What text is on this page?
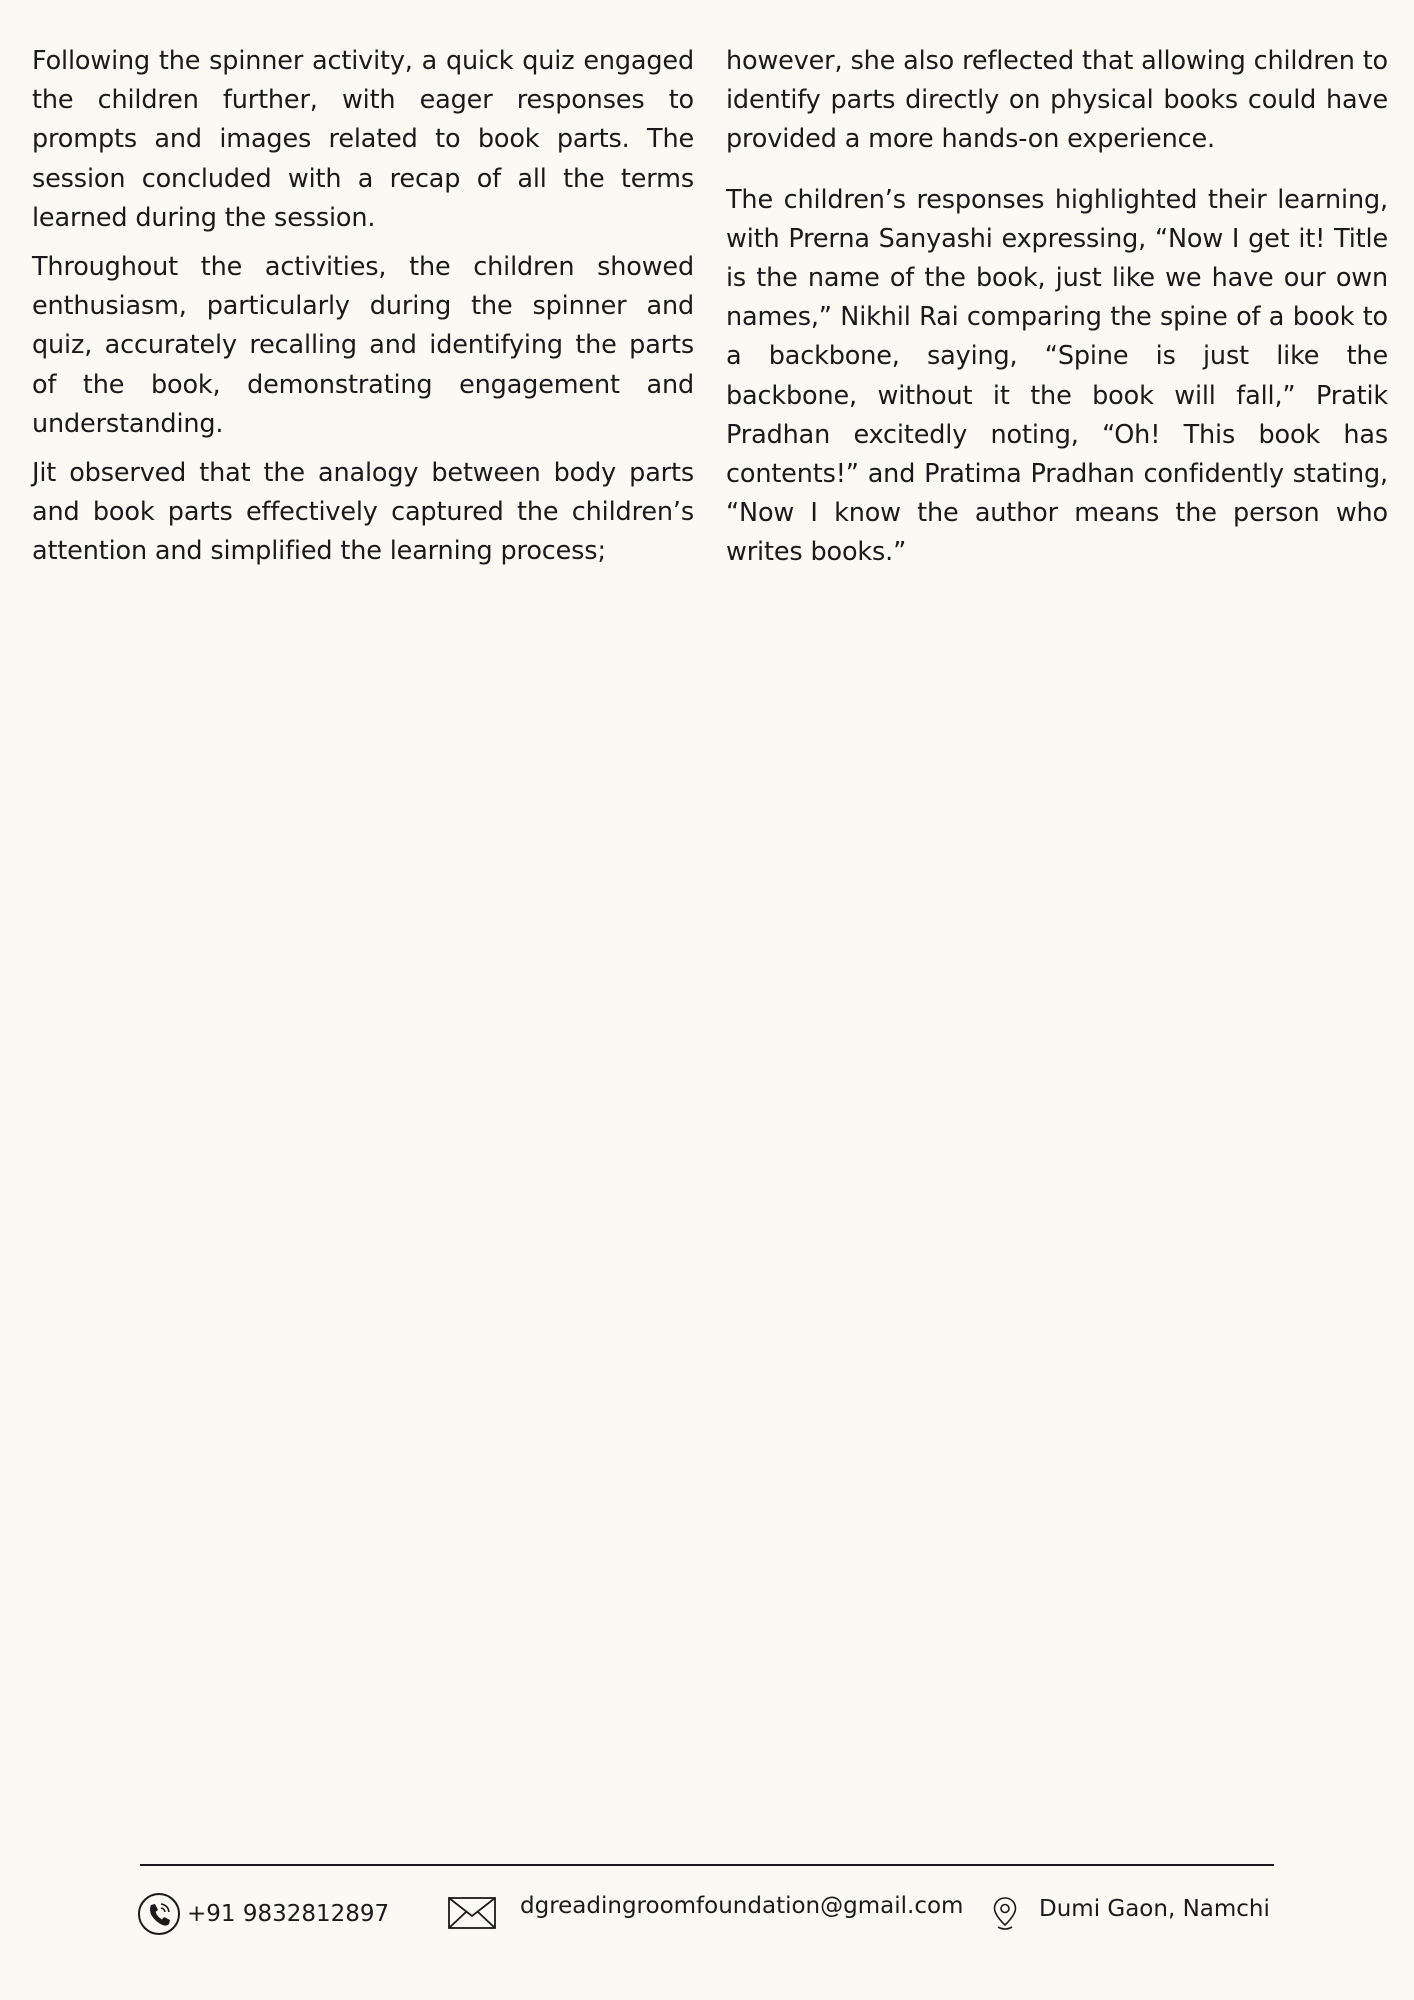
Following the spinner activity, a quick quiz engaged the children further, with eager responses to prompts and images related to book parts. The session concluded with a recap of all the terms learned during the session.

Throughout the activities, the children showed enthusiasm, particularly during the spinner and quiz, accurately recalling and identifying the parts of the book, demonstrating engagement and understanding.

Jit observed that the analogy between body parts and book parts effectively captured the children’s attention and simplified the learning process;

however, she also reflected that allowing children to identify parts directly on physical books could have provided a more hands-on experience.

The children’s responses highlighted their learning, with Prerna Sanyashi expressing, “Now I get it! Title is the name of the book, just like we have our own names,” Nikhil Rai comparing the spine of a book to a backbone, saying, “Spine is just like the backbone, without it the book will fall,” Pratik Pradhan excitedly noting, “Oh! This book has contents!” and Pratima Pradhan confidently stating, “Now I know the author means the person who writes books.”

+91 9832812897	dgreadingroomfoundation@gmail.com	Dumi Gaon, Namchi
